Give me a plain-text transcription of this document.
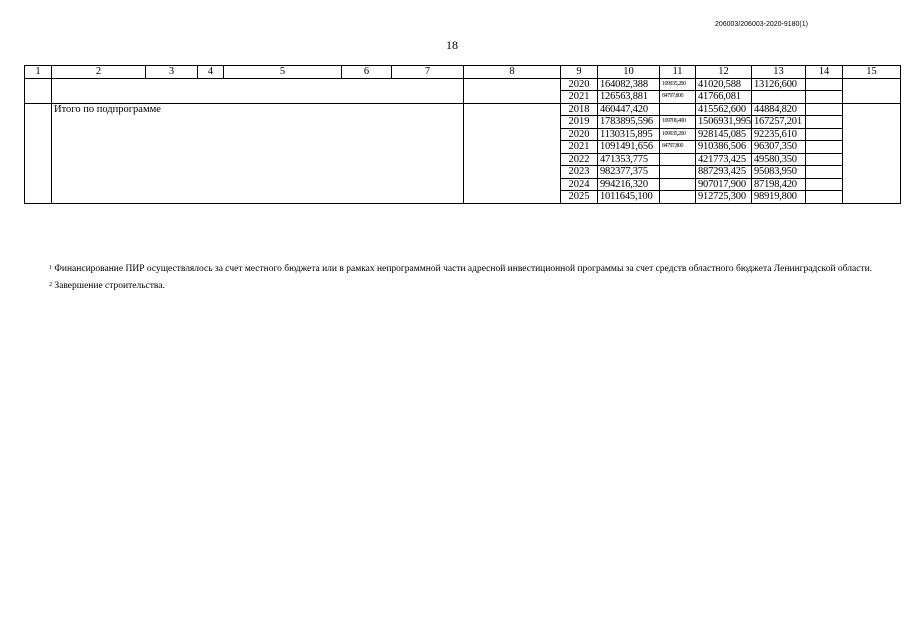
206003/206003-2020-9180(1)
18
1	2	3	4	5	6	7	8	9	10	11	12	13	14	15
								2020	164082,388	109935,200	41020,588	13126,600		
								2021	126563,881	84797,800	41766,081			
	Итого по подпрограмме							2018	460447,420		415562,600	44884,820		
								2019	1783895,596	109706,400	1506931,995	167257,201		
								2020	1130315,895	109935,200	928145,085	92235,610		
								2021	1091491,656	84797,800	910386,506	96307,350		
								2022	471353,775		421773,425	49580,350		
								2023	982377,375		887293,425	95083,950		
								2024	994216,320		907017,900	87198,420		
								2025	1011645,100		912725,300	98919,800		
$^1$ Финансирование ПИР осуществлялось за счет местного бюджета или в рамках непрограммной части адресной инвестиционной программы за счет средств областного бюджета Ленинградской области.
$^2$ Завершение строительства.
